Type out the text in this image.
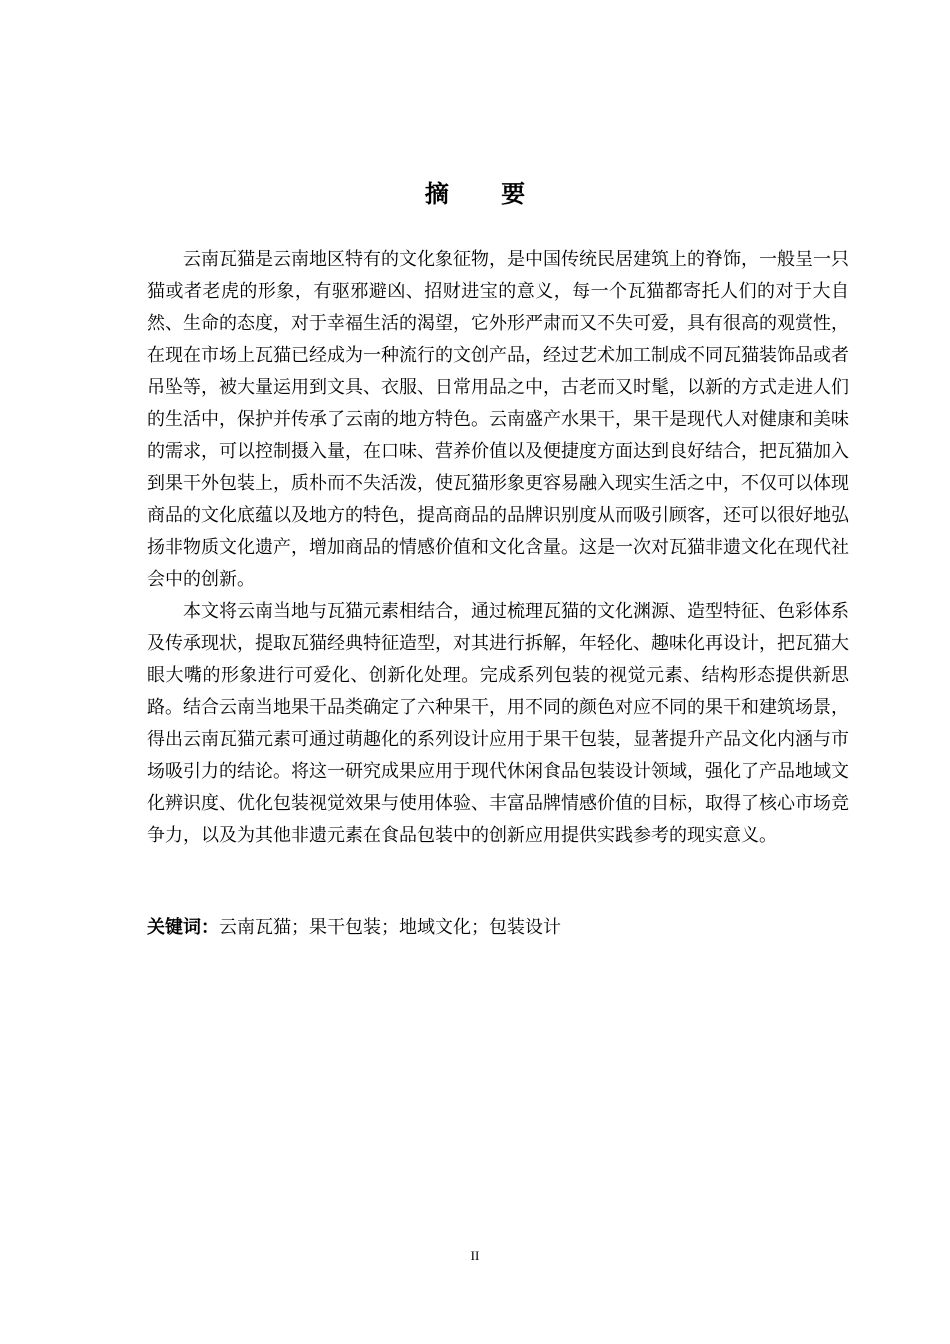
摘 要

云南瓦猫是云南地区特有的文化象征物，是中国传统民居建筑上的脊饰，一般呈一只猫或者老虎的形象，有驱邪避凶、招财进宝的意义，每一个瓦猫都寄托人们的对于大自然、生命的态度，对于幸福生活的渴望，它外形严肃而又不失可爱，具有很高的观赏性，在现在市场上瓦猫已经成为一种流行的文创产品，经过艺术加工制成不同瓦猫装饰品或者吊坠等，被大量运用到文具、衣服、日常用品之中，古老而又时髦，以新的方式走进人们的生活中，保护并传承了云南的地方特色。云南盛产水果干，果干是现代人对健康和美味的需求，可以控制摄入量，在口味、营养价值以及便捷度方面达到良好结合，把瓦猫加入到果干外包装上，质朴而不失活泼，使瓦猫形象更容易融入现实生活之中，不仅可以体现商品的文化底蕴以及地方的特色，提高商品的品牌识别度从而吸引顾客，还可以很好地弘扬非物质文化遗产，增加商品的情感价值和文化含量。这是一次对瓦猫非遗文化在现代社会中的创新。

本文将云南当地与瓦猫元素相结合，通过梳理瓦猫的文化渊源、造型特征、色彩体系及传承现状，提取瓦猫经典特征造型，对其进行拆解，年轻化、趣味化再设计，把瓦猫大眼大嘴的形象进行可爱化、创新化处理。完成系列包装的视觉元素、结构形态提供新思路。结合云南当地果干品类确定了六种果干，用不同的颜色对应不同的果干和建筑场景，得出云南瓦猫元素可通过萌趣化的系列设计应用于果干包装，显著提升产品文化内涵与市场吸引力的结论。将这一研究成果应用于现代休闲食品包装设计领域，强化了产品地域文化辨识度、优化包装视觉效果与使用体验、丰富品牌情感价值的目标，取得了核心市场竞争力，以及为其他非遗元素在食品包装中的创新应用提供实践参考的现实意义。

关键词：云南瓦猫；果干包装；地域文化；包装设计
II
